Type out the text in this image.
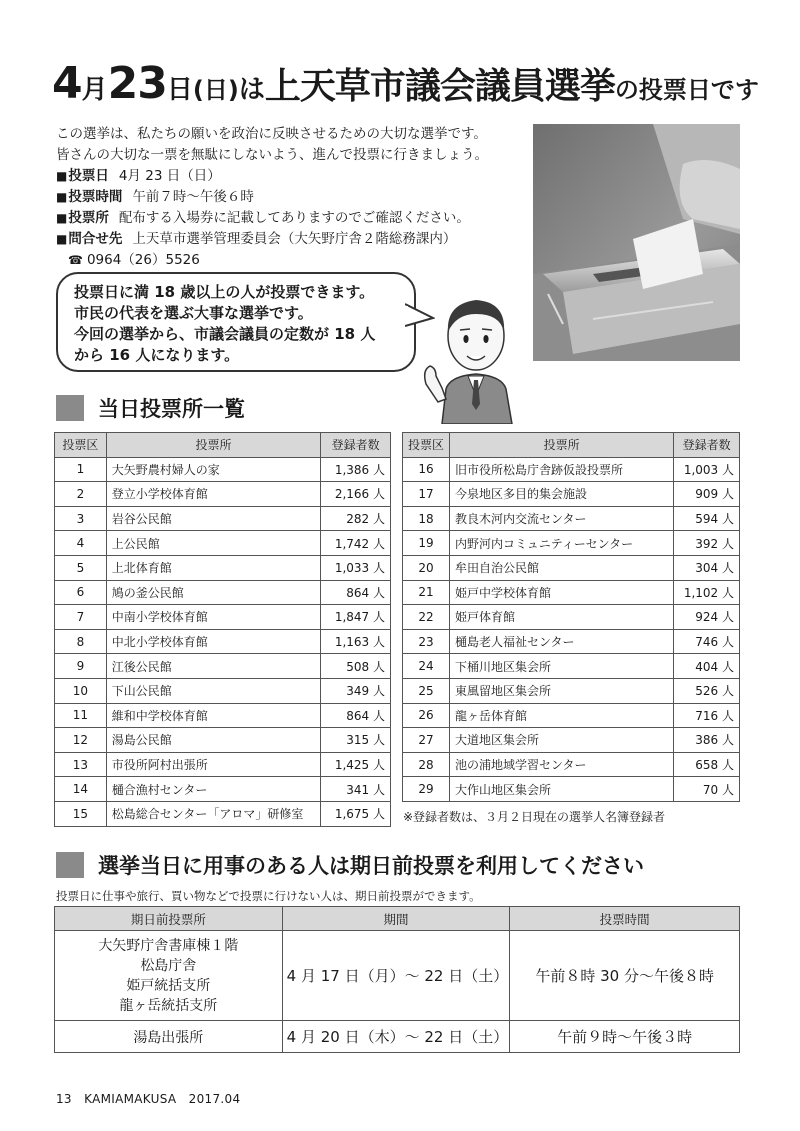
4月23日(日)は上天草市議会議員選挙の投票日です
この選挙は、私たちの願いを政治に反映させるための大切な選挙です。
皆さんの大切な一票を無駄にしないよう、進んで投票に行きましょう。
■投票日 4月 23 日（日）
■投票時間 午前７時～午後６時
■投票所 配布する入場券に記載してありますのでご確認ください。
■問合せ先 上天草市選挙管理委員会（大矢野庁舎２階総務課内）
☎ 0964（26）5526
投票日に満 18 歳以上の人が投票できます。
市民の代表を選ぶ大事な選挙です。
今回の選挙から、市議会議員の定数が 18 人
から 16 人になります。
当日投票所一覧
投票区	投票所	登録者数
1	大矢野農村婦人の家	1,386 人
2	登立小学校体育館	2,166 人
3	岩谷公民館	282 人
4	上公民館	1,742 人
5	上北体育館	1,033 人
6	鳩の釜公民館	864 人
7	中南小学校体育館	1,847 人
8	中北小学校体育館	1,163 人
9	江後公民館	508 人
10	下山公民館	349 人
11	維和中学校体育館	864 人
12	湯島公民館	315 人
13	市役所阿村出張所	1,425 人
14	樋合漁村センター	341 人
15	松島総合センター「アロマ」研修室	1,675 人
投票区	投票所	登録者数
16	旧市役所松島庁舎跡仮設投票所	1,003 人
17	今泉地区多目的集会施設	909 人
18	教良木河内交流センター	594 人
19	内野河内コミュニティーセンター	392 人
20	牟田自治公民館	304 人
21	姫戸中学校体育館	1,102 人
22	姫戸体育館	924 人
23	樋島老人福祉センター	746 人
24	下桶川地区集会所	404 人
25	東風留地区集会所	526 人
26	龍ヶ岳体育館	716 人
27	大道地区集会所	386 人
28	池の浦地域学習センター	658 人
29	大作山地区集会所	70 人
※登録者数は、３月２日現在の選挙人名簿登録者
選挙当日に用事のある人は期日前投票を利用してください
投票日に仕事や旅行、買い物などで投票に行けない人は、期日前投票ができます。
期日前投票所	期間	投票時間

大矢野庁舎書庫棟１階
松島庁舎
姫戸統括支所
龍ヶ岳統括支所	4 月 17 日（月）～ 22 日（土）	午前８時 30 分～午後８時
湯島出張所	4 月 20 日（木）～ 22 日（土）	午前９時～午後３時
13　KAMIAMAKUSA　2017.04
